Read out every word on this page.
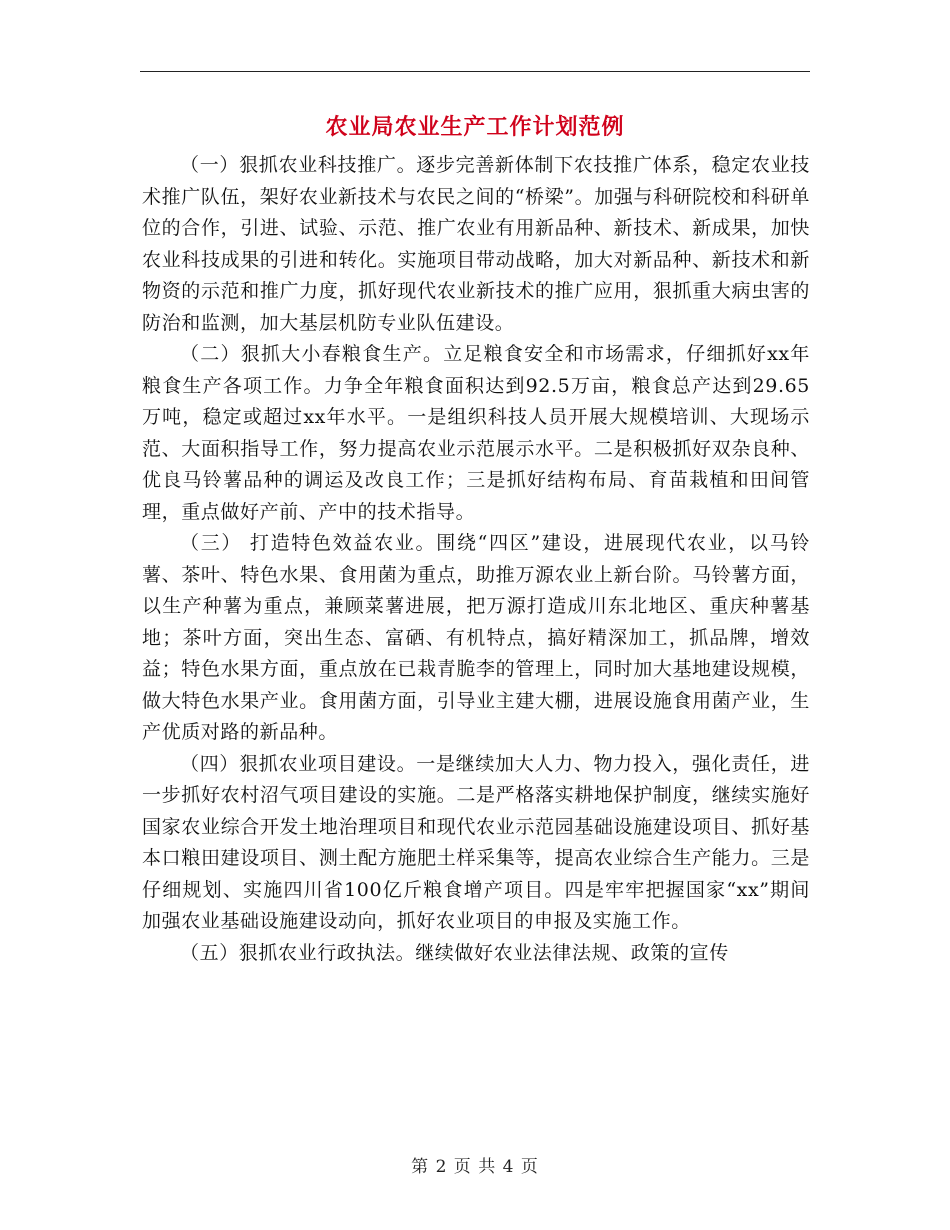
农业局农业生产工作计划范例

（一）狠抓农业科技推广。逐步完善新体制下农技推广体系，稳定农业技术推广队伍，架好农业新技术与农民之间的“桥梁”。加强与科研院校和科研单位的合作，引进、试验、示范、推广农业有用新品种、新技术、新成果，加快农业科技成果的引进和转化。实施项目带动战略，加大对新品种、新技术和新物资的示范和推广力度，抓好现代农业新技术的推广应用，狠抓重大病虫害的防治和监测，加大基层机防专业队伍建设。

（二）狠抓大小春粮食生产。立足粮食安全和市场需求，仔细抓好xx年粮食生产各项工作。力争全年粮食面积达到92.5万亩，粮食总产达到29.65万吨，稳定或超过xx年水平。一是组织科技人员开展大规模培训、大现场示范、大面积指导工作，努力提高农业示范展示水平。二是积极抓好双杂良种、优良马铃薯品种的调运及改良工作；三是抓好结构布局、育苗栽植和田间管理，重点做好产前、产中的技术指导。

（三） 打造特色效益农业。围绕“四区”建设，进展现代农业，以马铃薯、茶叶、特色水果、食用菌为重点，助推万源农业上新台阶。马铃薯方面，以生产种薯为重点，兼顾菜薯进展，把万源打造成川东北地区、重庆种薯基地；茶叶方面，突出生态、富硒、有机特点，搞好精深加工，抓品牌，增效益；特色水果方面，重点放在已栽青脆李的管理上，同时加大基地建设规模，做大特色水果产业。食用菌方面，引导业主建大棚，进展设施食用菌产业，生产优质对路的新品种。

（四）狠抓农业项目建设。一是继续加大人力、物力投入，强化责任，进一步抓好农村沼气项目建设的实施。二是严格落实耕地保护制度，继续实施好国家农业综合开发土地治理项目和现代农业示范园基础设施建设项目、抓好基本口粮田建设项目、测土配方施肥土样采集等，提高农业综合生产能力。三是仔细规划、实施四川省100亿斤粮食增产项目。四是牢牢把握国家“xx”期间加强农业基础设施建设动向，抓好农业项目的申报及实施工作。

（五）狠抓农业行政执法。继续做好农业法律法规、政策的宣传

第 2 页 共 4 页
